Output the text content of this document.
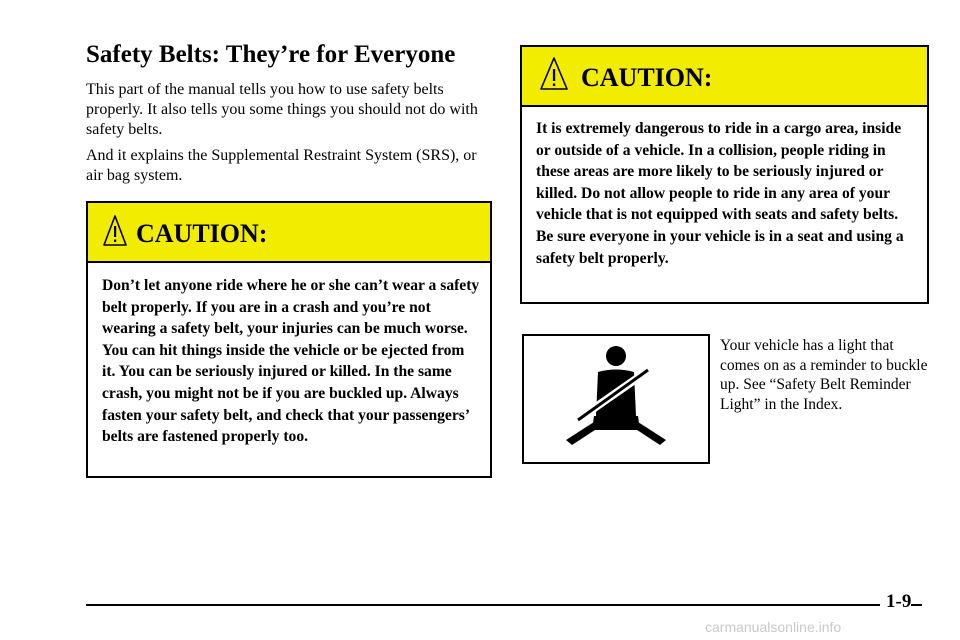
Safety Belts: They’re for Everyone

This part of the manual tells you how to use safety belts properly. It also tells you some things you should not do with safety belts.

And it explains the Supplemental Restraint System (SRS), or air bag system.

CAUTION:

Don’t let anyone ride where he or she can’t wear a safety belt properly. If you are in a crash and you’re not wearing a safety belt, your injuries can be much worse. You can hit things inside the vehicle or be ejected from it. You can be seriously injured or killed. In the same crash, you might not be if you are buckled up. Always fasten your safety belt, and check that your passengers’ belts are fastened properly too.

CAUTION:

It is extremely dangerous to ride in a cargo area, inside or outside of a vehicle. In a collision, people riding in these areas are more likely to be seriously injured or killed. Do not allow people to ride in any area of your vehicle that is not equipped with seats and safety belts. Be sure everyone in your vehicle is in a seat and using a safety belt properly.

Your vehicle has a light that comes on as a reminder to buckle up. See “Safety Belt Reminder Light” in the Index.

1-9
carmanualsonline.info
